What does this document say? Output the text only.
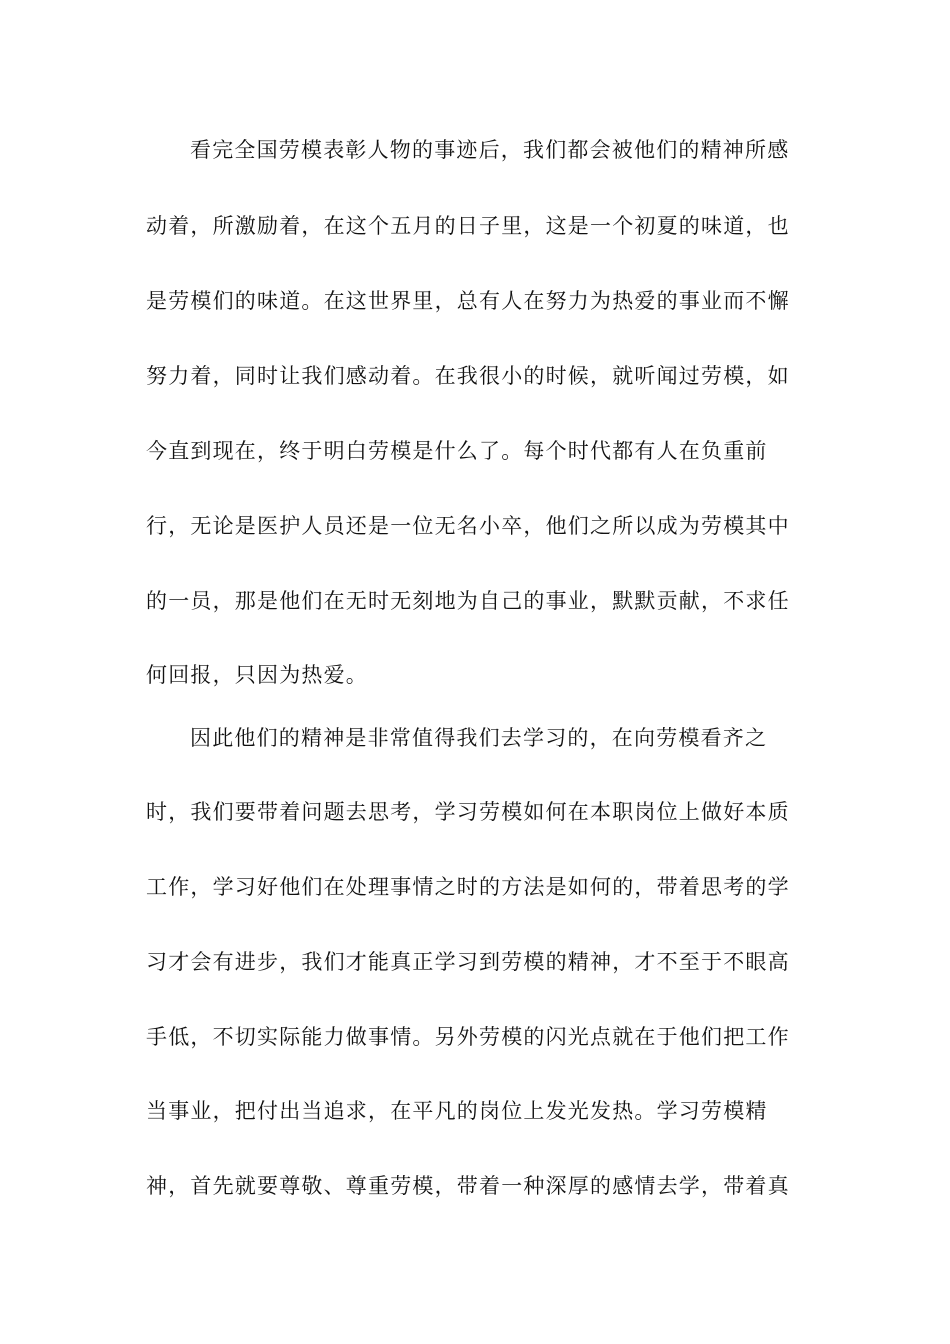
看完全国劳模表彰人物的事迹后，我们都会被他们的精神所感

动着，所激励着，在这个五月的日子里，这是一个初夏的味道，也

是劳模们的味道。在这世界里，总有人在努力为热爱的事业而不懈

努力着，同时让我们感动着。在我很小的时候，就听闻过劳模，如

今直到现在，终于明白劳模是什么了。每个时代都有人在负重前

行，无论是医护人员还是一位无名小卒，他们之所以成为劳模其中

的一员，那是他们在无时无刻地为自己的事业，默默贡献，不求任

何回报，只因为热爱。

因此他们的精神是非常值得我们去学习的，在向劳模看齐之

时，我们要带着问题去思考，学习劳模如何在本职岗位上做好本质

工作，学习好他们在处理事情之时的方法是如何的，带着思考的学

习才会有进步，我们才能真正学习到劳模的精神，才不至于不眼高

手低，不切实际能力做事情。另外劳模的闪光点就在于他们把工作

当事业，把付出当追求，在平凡的岗位上发光发热。学习劳模精

神，首先就要尊敬、尊重劳模，带着一种深厚的感情去学，带着真
